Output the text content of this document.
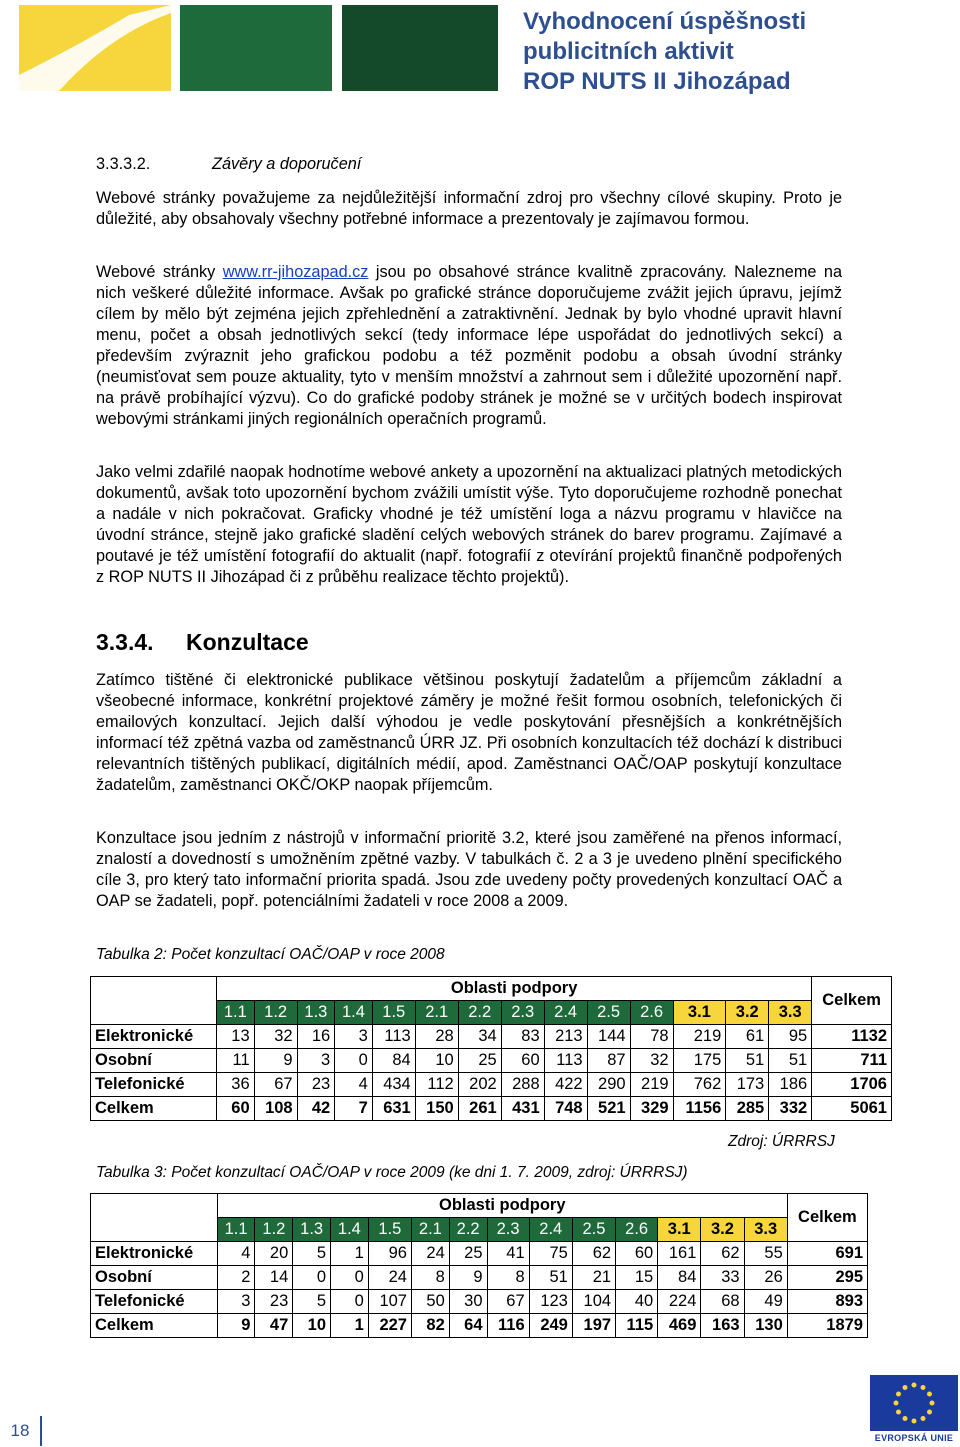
Vyhodnocení úspěšnosti
publicitních aktivit
ROP NUTS II Jihozápad
3.3.3.2.	Závěry a doporučení

Webové stránky považujeme za nejdůležitější informační zdroj pro všechny cílové skupiny. Proto je důležité, aby obsahovaly všechny potřebné informace a prezentovaly je zajímavou formou.

Webové stránky www.rr-jihozapad.cz jsou po obsahové stránce kvalitně zpracovány. Nalezneme na nich veškeré důležité informace. Avšak po grafické stránce doporučujeme zvážit jejich úpravu, jejímž cílem by mělo být zejména jejich zpřehlednění a zatraktivnění. Jednak by bylo vhodné upravit hlavní menu, počet a obsah jednotlivých sekcí (tedy informace lépe uspořádat do jednotlivých sekcí) a především zvýraznit jeho grafickou podobu a též pozměnit podobu a obsah úvodní stránky (neumisťovat sem pouze aktuality, tyto v menším množství a zahrnout sem i důležité upozornění např. na právě probíhající výzvu). Co do grafické podoby stránek je možné se v určitých bodech inspirovat webovými stránkami jiných regionálních operačních programů.

Jako velmi zdařilé naopak hodnotíme webové ankety a upozornění na aktualizaci platných metodických dokumentů, avšak toto upozornění bychom zvážili umístit výše. Tyto doporučujeme rozhodně ponechat a nadále v nich pokračovat. Graficky vhodné je též umístění loga a názvu programu v hlavičce na úvodní stránce, stejně jako grafické sladění celých webových stránek do barev programu. Zajímavé a poutavé je též umístění fotografií do aktualit (např. fotografií z otevírání projektů finančně podpořených z ROP NUTS II Jihozápad či z průběhu realizace těchto projektů).

3.3.4. Konzultace

Zatímco tištěné či elektronické publikace většinou poskytují žadatelům a příjemcům základní a všeobecné informace, konkrétní projektové záměry je možné řešit formou osobních, telefonických či emailových konzultací. Jejich další výhodou je vedle poskytování přesnějších a konkrétnějších informací též zpětná vazba od zaměstnanců ÚRR JZ. Při osobních konzultacích též dochází k distribuci relevantních tištěných publikací, digitálních médií, apod. Zaměstnanci OAČ/OAP poskytují konzultace žadatelům, zaměstnanci OKČ/OKP naopak příjemcům.

Konzultace jsou jedním z nástrojů v informační prioritě 3.2, které jsou zaměřené na přenos informací, znalostí a dovedností s umožněním zpětné vazby. V tabulkách č. 2 a 3 je uvedeno plnění specifického cíle 3, pro který tato informační priorita spadá. Jsou zde uvedeny počty provedených konzultací OAČ a OAP se žadateli, popř. potenciálními žadateli v roce 2008 a 2009.

Tabulka 2: Počet konzultací OAČ/OAP v roce 2008
	Oblasti podpory														Celkem
	1.1	1.2	1.3	1.4	1.5	2.1	2.2	2.3	2.4	2.5	2.6	3.1	3.2	3.3	
Elektronické	13	32	16	3	113	28	34	83	213	144	78	219	61	95	1132
Osobní	11	9	3	0	84	10	25	60	113	87	32	175	51	51	711
Telefonické	36	67	23	4	434	112	202	288	422	290	219	762	173	186	1706
Celkem	60	108	42	7	631	150	261	431	748	521	329	1156	285	332	5061
Zdroj: ÚRRRSJ
Tabulka 3: Počet konzultací OAČ/OAP v roce 2009 (ke dni 1. 7. 2009, zdroj: ÚRRRSJ)
	Oblasti podpory														Celkem
	1.1	1.2	1.3	1.4	1.5	2.1	2.2	2.3	2.4	2.5	2.6	3.1	3.2	3.3	
Elektronické	4	20	5	1	96	24	25	41	75	62	60	161	62	55	691
Osobní	2	14	0	0	24	8	9	8	51	21	15	84	33	26	295
Telefonické	3	23	5	0	107	50	30	67	123	104	40	224	68	49	893
Celkem	9	47	10	1	227	82	64	116	249	197	115	469	163	130	1879
18	EVROPSKÁ UNIE
